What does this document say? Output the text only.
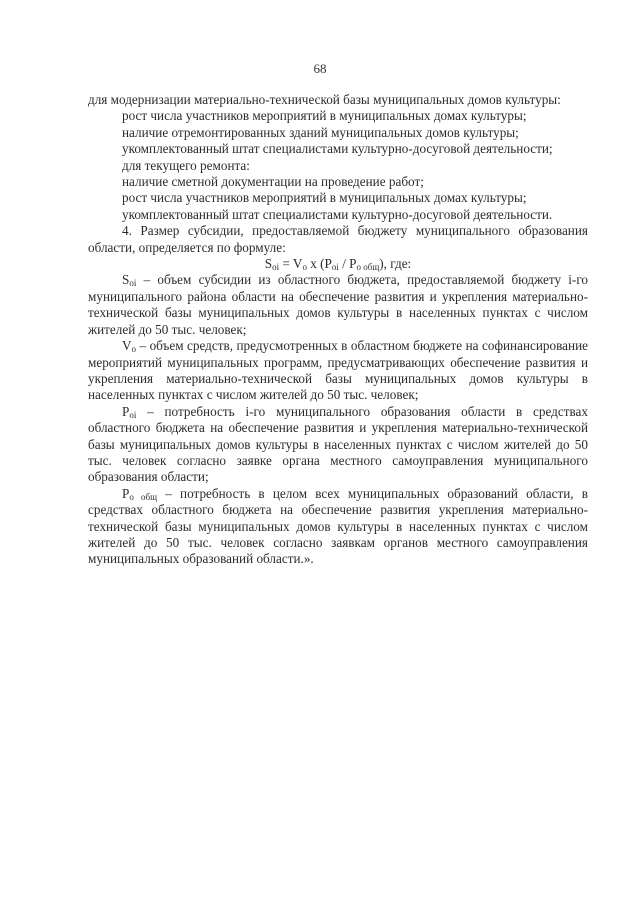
68

для модернизации материально-технической базы муниципальных домов культуры:

рост числа участников мероприятий в муниципальных домах культуры;

наличие отремонтированных зданий муниципальных домов культуры;

укомплектованный штат специалистами культурно-досуговой деятельности;

для текущего ремонта:

наличие сметной документации на проведение работ;

рост числа участников мероприятий в муниципальных домах культуры;

укомплектованный штат специалистами культурно-досуговой деятельности.

4. Размер субсидии, предоставляемой бюджету муниципального образования области, определяется по формуле:

$S_{oi} = V_o$ x $(P_{oi} / P_{o общ})$, где:

$S_{oi}$ – объем субсидии из областного бюджета, предоставляемой бюджету i-го муниципального района области на обеспечение развития и укрепления материально-технической базы муниципальных домов культуры в населенных пунктах с числом жителей до 50 тыс. человек;

$V_o$ – объем средств, предусмотренных в областном бюджете на софинансирование мероприятий муниципальных программ, предусматривающих обеспечение развития и укрепления материально-технической базы муниципальных домов культуры в населенных пунктах с числом жителей до 50 тыс. человек;

$P_{oi}$ – потребность i-го муниципального образования области в средствах областного бюджета на обеспечение развития и укрепления материально-технической базы муниципальных домов культуры в населенных пунктах с числом жителей до 50 тыс. человек согласно заявке органа местного самоуправления муниципального образования области;

$P_{o общ}$ – потребность в целом всех муниципальных образований области, в средствах областного бюджета на обеспечение развития укрепления материально-технической базы муниципальных домов культуры в населенных пунктах с числом жителей до 50 тыс. человек согласно заявкам органов местного самоуправления муниципальных образований области.».
